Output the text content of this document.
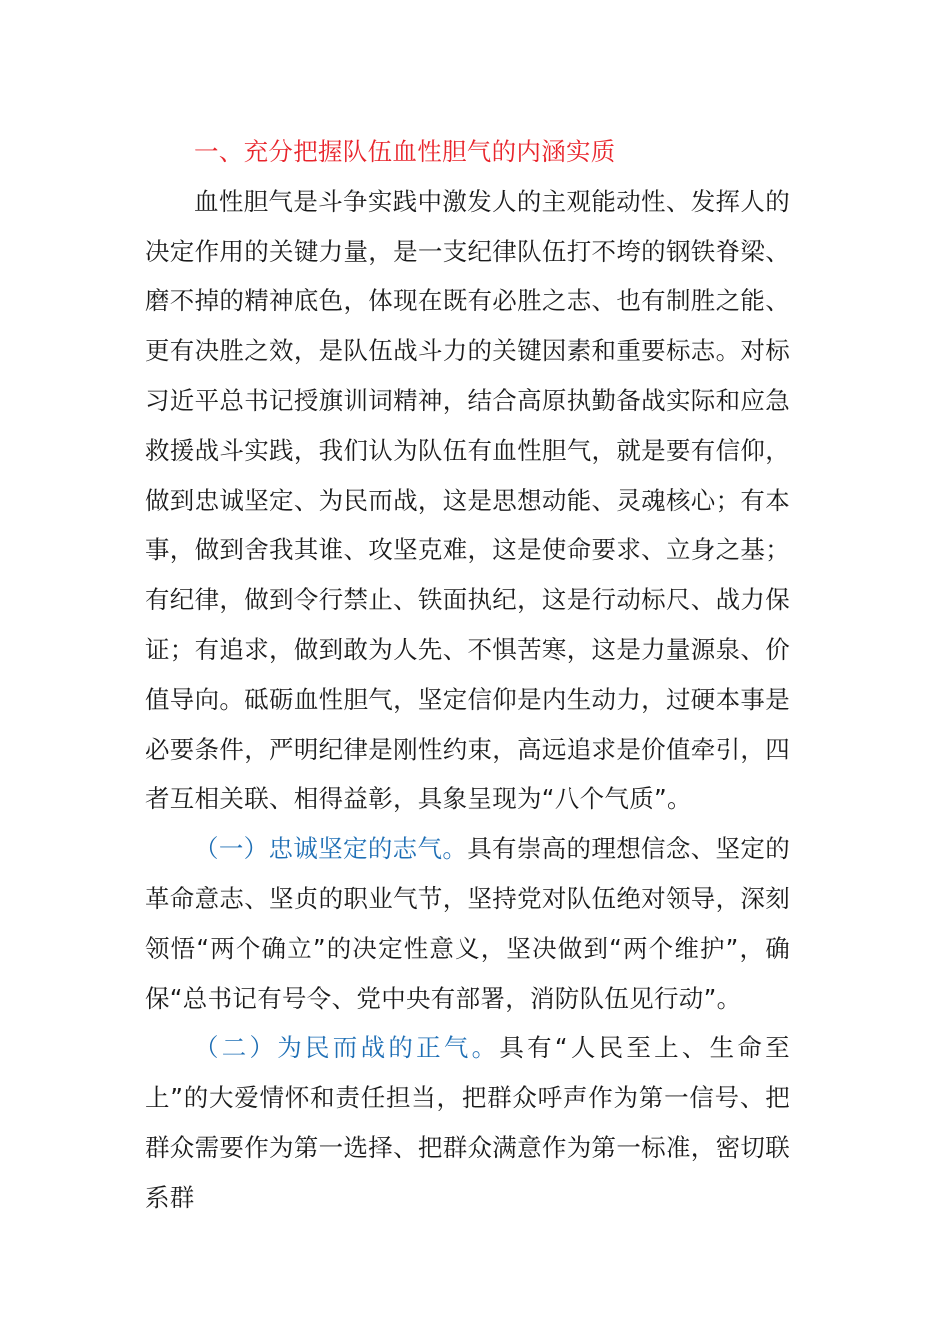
一、充分把握队伍血性胆气的内涵实质

血性胆气是斗争实践中激发人的主观能动性、发挥人的决定作用的关键力量，是一支纪律队伍打不垮的钢铁脊梁、磨不掉的精神底色，体现在既有必胜之志、也有制胜之能、更有决胜之效，是队伍战斗力的关键因素和重要标志。对标习近平总书记授旗训词精神，结合高原执勤备战实际和应急救援战斗实践，我们认为队伍有血性胆气，就是要有信仰，做到忠诚坚定、为民而战，这是思想动能、灵魂核心；有本事，做到舍我其谁、攻坚克难，这是使命要求、立身之基；有纪律，做到令行禁止、铁面执纪，这是行动标尺、战力保证；有追求，做到敢为人先、不惧苦寒，这是力量源泉、价值导向。砥砺血性胆气，坚定信仰是内生动力，过硬本事是必要条件，严明纪律是刚性约束，高远追求是价值牵引，四者互相关联、相得益彰，具象呈现为“八个气质”。

（一）忠诚坚定的志气。具有崇高的理想信念、坚定的革命意志、坚贞的职业气节，坚持党对队伍绝对领导，深刻领悟“两个确立”的决定性意义，坚决做到“两个维护”，确保“总书记有号令、党中央有部署，消防队伍见行动”。

（二）为民而战的正气。具有“人民至上、生命至上”的大爱情怀和责任担当，把群众呼声作为第一信号、把群众需要作为第一选择、把群众满意作为第一标准，密切联系群
